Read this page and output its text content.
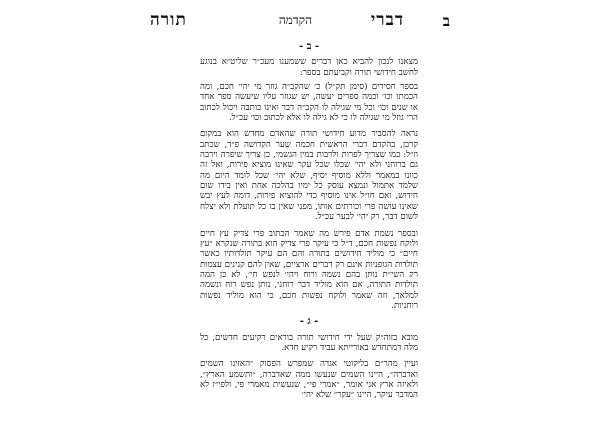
ב
דברי
הקדמה
תורה
- ב -

מצאנו לנכון להביא כאן דברים ששמענו מעכ״ר שליט״א בנוגע לחשב חידושי תורה וקביעתם בספר:

בספר חסידים (סימן תק״ל) כ׳ שהקב״ה גוזר מי יהי׳ חכם, ומה הכמתו וכו׳ וכמה ספרים יעשה, יש שגוזר עליו שיעשה ספר אחד או שנים וכו׳ וכל מי שגילה לו הקב״ה דבר ואינו כותבה ויכול לכתוב הרי גוזל מי שגילה לו כי לא גילה לו אלא לכתוב וכו׳ עכ״ל.

נראה להסביר מדוע חידושי תורה שהאדם מחדש הוא במקום קרבן, בהקדם דברי הראשית חכמה שער הקדושה פ״ד, שכתב וז״ל: כמו שצריך לפרות ולרבות במין הגשמי, כן צריך שיפרה וירבה גם ברוחני ולא יהי׳ שכלו שכל עקר שאינו מוציא פירות, ואל זה כוונו במאמר וללא מוסיף יסיף, שלא יהי׳ שכל לומד היום מה שלמד אתמול ונמצא עוסק כל ימיו בהלכה אחת ואין בידו שום חידוש, ואם חו״ל אינו מוסיף כדי להוציא פירות, דומה לעץ יבש שאינו עושה פרי וכורתים אותו, מפני שאין בו כל תועלת ולא יצלח לשום דבר, רק יהי׳ לבער עכ״ל.

ובספר נשמת אדם פירש מה שאמר הכתוב פרי צדיק עץ חיים ולוקח נפשות חכם, ד״ל כי עיקר פרי צדיק הוא בתורה שנקרא ״עץ חיים״ כי מוליד חידושים בתורה והם הם עיקר תולדותיו כאשר תולדות הגופניות אינם רק דברים ארציים, שאין להם קנינים עצמות רק השי״ת נותן בהם נשמה ורוח ויהי׳ לנפש חי׳, לא כן המה תולדות התורה, אם הוא מוליד דבר רוחני, נותן נפש רוח ונשמה למלאך, וזה שאמר ולוקח נפשות חכם, כי הוא מוליד נפשות רוחניות.

- ג -

מובא בזוה״ק שעל ידי חידושי תורה בוראים רקיעים חדשים, כל מלה דמתחדש באורייתא עביד רקיע חדא.

ועיין מהר״ם בליקוטי אגדה שמפרש הפסוק ״האזינו השמים ואדברה״, היינו השמים שנעשו ממה שאדברה, ״ותשמע הארץ״, ולאיזה ארץ אני אומר, ״אמרי פי״, שנעשית מאמרי פי, ולפי״ז לא המדבר עיקר, היינו ״עקר״ שלא יהי׳
